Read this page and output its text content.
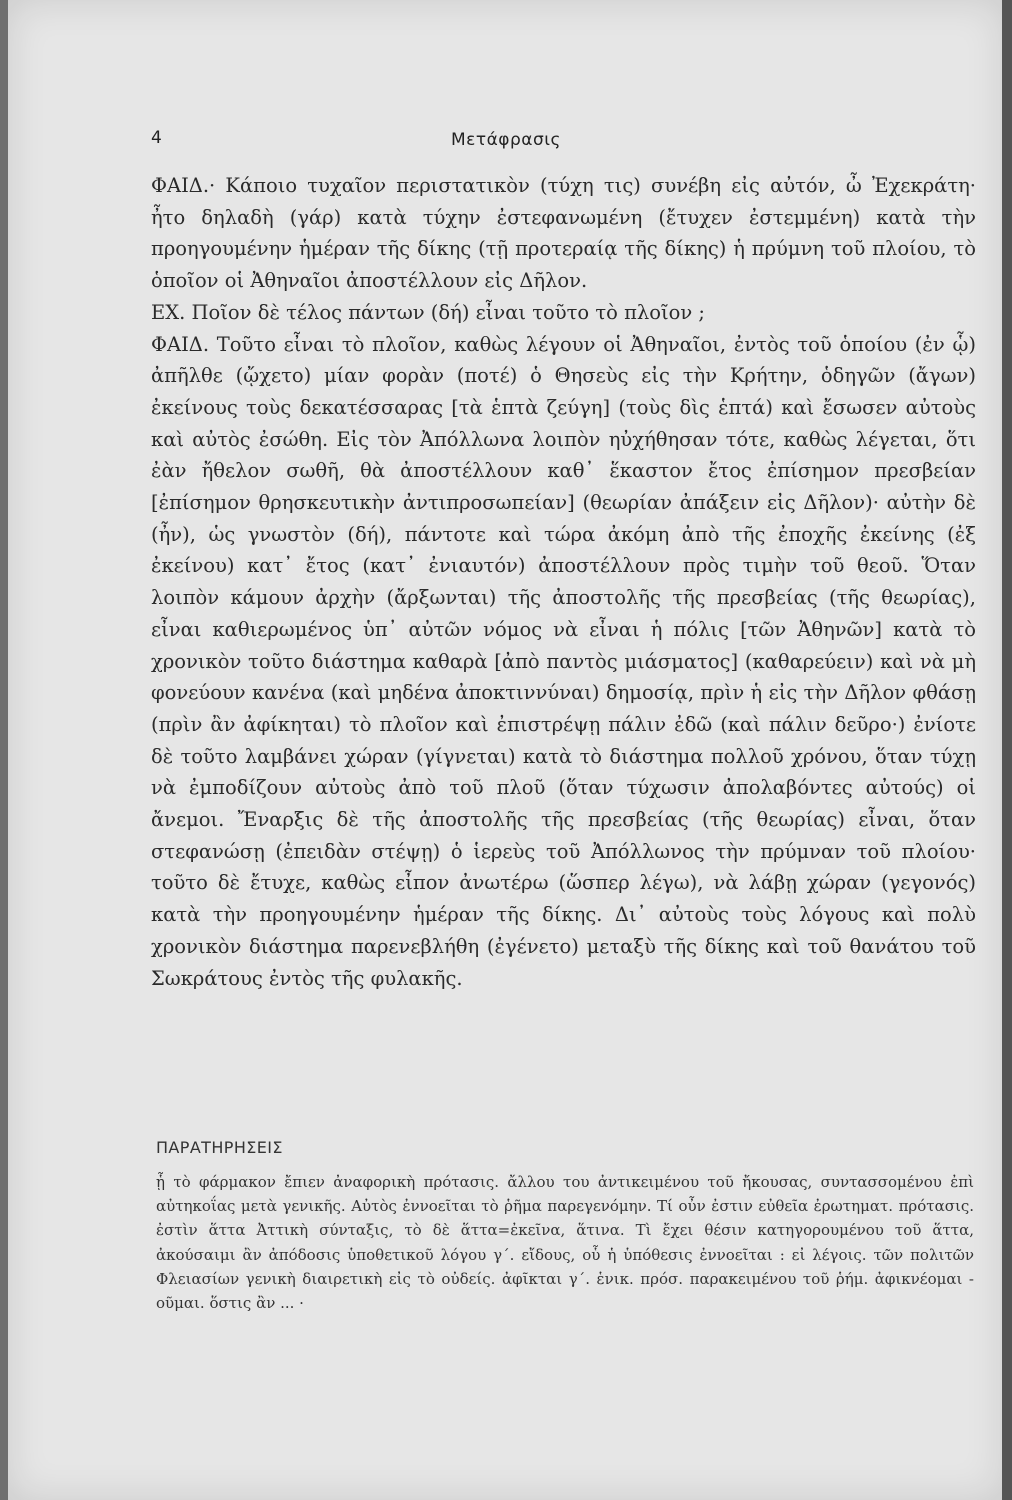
4	Μετάφρασις

ΦΑΙΔ.· Κάποιο τυχαῖον περιστατικὸν (τύχη τις) συνέβη εἰς αὐτόν, ὦ Ἐχεκράτη· ἦτο δηλαδὴ (γάρ) κατὰ τύχην ἐστεφανωμένη (ἔτυχεν ἐστεμμένη) κατὰ τὴν προηγουμένην ἡμέραν τῆς δίκης (τῇ προτεραίᾳ τῆς δίκης) ἡ πρύμνη τοῦ πλοίου, τὸ ὁποῖον οἱ Ἀθηναῖοι ἀποστέλλουν εἰς Δῆλον.

ΕΧ. Ποῖον δὲ τέλος πάντων (δή) εἶναι τοῦτο τὸ πλοῖον ;

ΦΑΙΔ. Τοῦτο εἶναι τὸ πλοῖον, καθὼς λέγουν οἱ Ἀθηναῖοι, ἐντὸς τοῦ ὁποίου (ἐν ᾧ) ἀπῆλθε (ᾤχετο) μίαν φορὰν (ποτέ) ὁ Θησεὺς εἰς τὴν Κρήτην, ὁδηγῶν (ἄγων) ἐκείνους τοὺς δεκατέσσαρας [τὰ ἑπτὰ ζεύγη] (τοὺς δὶς ἑπτά) καὶ ἔσωσεν αὐτοὺς καὶ αὐτὸς ἐσώθη. Εἰς τὸν Ἀπόλλωνα λοιπὸν ηὐχήθησαν τότε, καθὼς λέγεται, ὅτι ἐὰν ἤθελον σωθῆ, θὰ ἀποστέλλουν καθ᾽ ἕκαστον ἔτος ἐπίσημον πρεσβείαν [ἐπίσημον θρησκευτικὴν ἀντιπροσωπείαν] (θεωρίαν ἀπάξειν εἰς Δῆλον)· αὐτὴν δὲ (ἦν), ὡς γνωστὸν (δή), πάντοτε καὶ τώρα ἀκόμη ἀπὸ τῆς ἐποχῆς ἐκείνης (ἐξ ἐκείνου) κατ᾽ ἔτος (κατ᾽ ἐνιαυτόν) ἀποστέλλουν πρὸς τιμὴν τοῦ θεοῦ. Ὅταν λοιπὸν κάμουν ἀρχὴν (ἄρξωνται) τῆς ἀποστολῆς τῆς πρεσβείας (τῆς θεωρίας), εἶναι καθιερωμένος ὑπ᾽ αὐτῶν νόμος νὰ εἶναι ἡ πόλις [τῶν Ἀθηνῶν] κατὰ τὸ χρονικὸν τοῦτο διάστημα καθαρὰ [ἀπὸ παντὸς μιάσματος] (καθαρεύειν) καὶ νὰ μὴ φονεύουν κανένα (καὶ μηδένα ἀποκτιννύναι) δημοσίᾳ, πρὶν ἡ εἰς τὴν Δῆλον φθάσῃ (πρὶν ἂν ἀφίκηται) τὸ πλοῖον καὶ ἐπιστρέψῃ πάλιν ἐδῶ (καὶ πάλιν δεῦρο·) ἐνίοτε δὲ τοῦτο λαμβάνει χώραν (γίγνεται) κατὰ τὸ διάστημα πολλοῦ χρόνου, ὅταν τύχῃ νὰ ἐμποδίζουν αὐτοὺς ἀπὸ τοῦ πλοῦ (ὅταν τύχωσιν ἀπολαβόντες αὐτούς) οἱ ἄνεμοι. Ἔναρξις δὲ τῆς ἀποστολῆς τῆς πρεσβείας (τῆς θεωρίας) εἶναι, ὅταν στεφανώσῃ (ἐπειδὰν στέψῃ) ὁ ἱερεὺς τοῦ Ἀπόλλωνος τὴν πρύμναν τοῦ πλοίου· τοῦτο δὲ ἔτυχε, καθὼς εἶπον ἀνωτέρω (ὥσπερ λέγω), νὰ λάβῃ χώραν (γεγονός) κατὰ τὴν προηγουμένην ἡμέραν τῆς δίκης. Δι᾽ αὐτοὺς τοὺς λόγους καὶ πολὺ χρονικὸν διάστημα παρενεβλήθη (ἐγένετο) μεταξὺ τῆς δίκης καὶ τοῦ θανάτου τοῦ Σωκράτους ἐντὸς τῆς φυλακῆς.

ΠΑΡΑΤΗΡΗΣΕΙΣ

ᾗ τὸ φάρμακον ἔπιεν ἀναφορικὴ πρότασις. ἄλλου του ἀντικειμένου τοῦ ἤκουσας, συντασσομένου ἐπὶ αὐτηκοΐας μετὰ γενικῆς. Αὐτὸς ἐννοεῖται τὸ ῥῆμα παρεγενόμην. Τί οὖν ἐστιν εὐθεῖα ἐρωτηματ. πρότασις. ἐστὶν ἅττα Ἀττικὴ σύνταξις, τὸ δὲ ἅττα=ἐκεῖνα, ἅτινα. Τὶ ἔχει θέσιν κατηγορουμένου τοῦ ἅττα, ἀκούσαιμι ἂν ἀπόδοσις ὑποθετικοῦ λόγου γ΄. εἴδους, οὗ ἡ ὑπόθεσις ἐννοεῖται : εἰ λέγοις. τῶν πολιτῶν Φλειασίων γενικὴ διαιρετικὴ εἰς τὸ οὐδείς. ἀφῖκται γ΄. ἑνικ. πρόσ. παρακειμένου τοῦ ῥήμ. ἀφικνέομαι - οῦμαι. ὅστις ἂν ... ·
